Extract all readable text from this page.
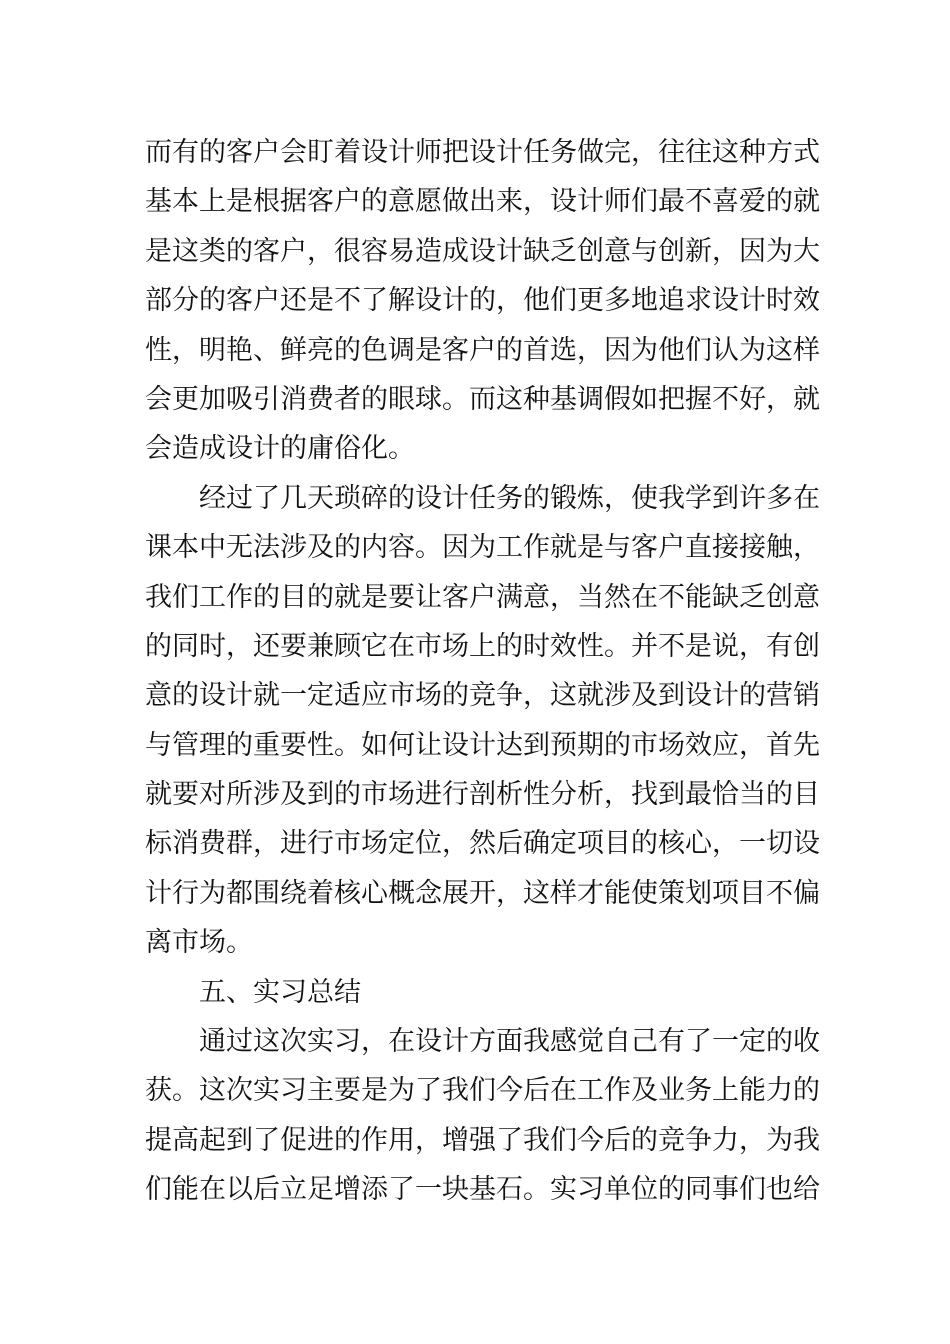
而有的客户会盯着设计师把设计任务做完，往往这种方式
基本上是根据客户的意愿做出来，设计师们最不喜爱的就
是这类的客户，很容易造成设计缺乏创意与创新，因为大
部分的客户还是不了解设计的，他们更多地追求设计时效
性，明艳、鲜亮的色调是客户的首选，因为他们认为这样
会更加吸引消费者的眼球。而这种基调假如把握不好，就
会造成设计的庸俗化。
经过了几天琐碎的设计任务的锻炼，使我学到许多在
课本中无法涉及的内容。因为工作就是与客户直接接触，
我们工作的目的就是要让客户满意，当然在不能缺乏创意
的同时，还要兼顾它在市场上的时效性。并不是说，有创
意的设计就一定适应市场的竞争，这就涉及到设计的营销
与管理的重要性。如何让设计达到预期的市场效应，首先
就要对所涉及到的市场进行剖析性分析，找到最恰当的目
标消费群，进行市场定位，然后确定项目的核心，一切设
计行为都围绕着核心概念展开，这样才能使策划项目不偏
离市场。
五、实习总结
通过这次实习，在设计方面我感觉自己有了一定的收
获。这次实习主要是为了我们今后在工作及业务上能力的
提高起到了促进的作用，增强了我们今后的竞争力，为我
们能在以后立足增添了一块基石。实习单位的同事们也给
